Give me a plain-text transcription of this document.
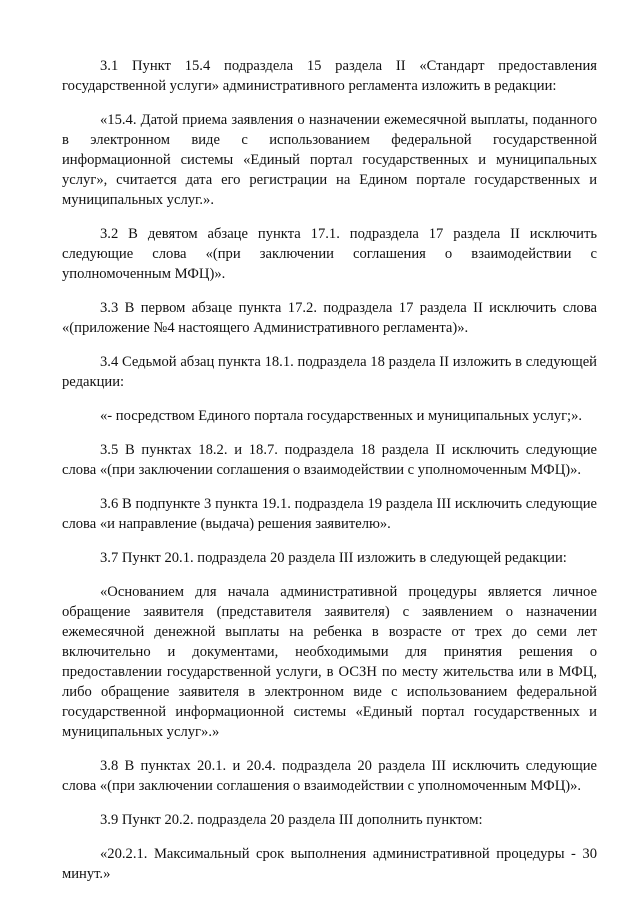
3.1 Пункт 15.4 подраздела 15 раздела II «Стандарт предоставления государственной услуги» административного регламента изложить в редакции:

«15.4. Датой приема заявления о назначении ежемесячной выплаты, поданного в электронном виде с использованием федеральной государственной информационной системы «Единый портал государственных и муниципальных услуг», считается дата его регистрации на Едином портале государственных и муниципальных услуг.».

3.2 В девятом абзаце пункта 17.1. подраздела 17 раздела II исключить следующие слова «(при заключении соглашения о взаимодействии с уполномоченным МФЦ)».

3.3 В первом абзаце пункта 17.2. подраздела 17 раздела II исключить слова «(приложение №4 настоящего Административного регламента)».

3.4 Седьмой абзац пункта 18.1. подраздела 18 раздела II изложить в следующей редакции:

«- посредством Единого портала государственных и муниципальных услуг;».

3.5 В пунктах 18.2. и 18.7. подраздела 18 раздела II исключить следующие слова «(при заключении соглашения о взаимодействии с уполномоченным МФЦ)».

3.6 В подпункте 3 пункта 19.1. подраздела 19 раздела III исключить следующие слова «и направление (выдача) решения заявителю».

3.7 Пункт 20.1. подраздела 20 раздела III изложить в следующей редакции:

«Основанием для начала административной процедуры является личное обращение заявителя (представителя заявителя) с заявлением о назначении ежемесячной денежной выплаты на ребенка в возрасте от трех до семи лет включительно и документами, необходимыми для принятия решения о предоставлении государственной услуги, в ОСЗН по месту жительства или в МФЦ, либо обращение заявителя в электронном виде с использованием федеральной государственной информационной системы «Единый портал государственных и муниципальных услуг».»

3.8 В пунктах 20.1. и 20.4. подраздела 20 раздела III исключить следующие слова «(при заключении соглашения о взаимодействии с уполномоченным МФЦ)».

3.9 Пункт 20.2. подраздела 20 раздела III дополнить пунктом:

«20.2.1. Максимальный срок выполнения административной процедуры - 30 минут.»
